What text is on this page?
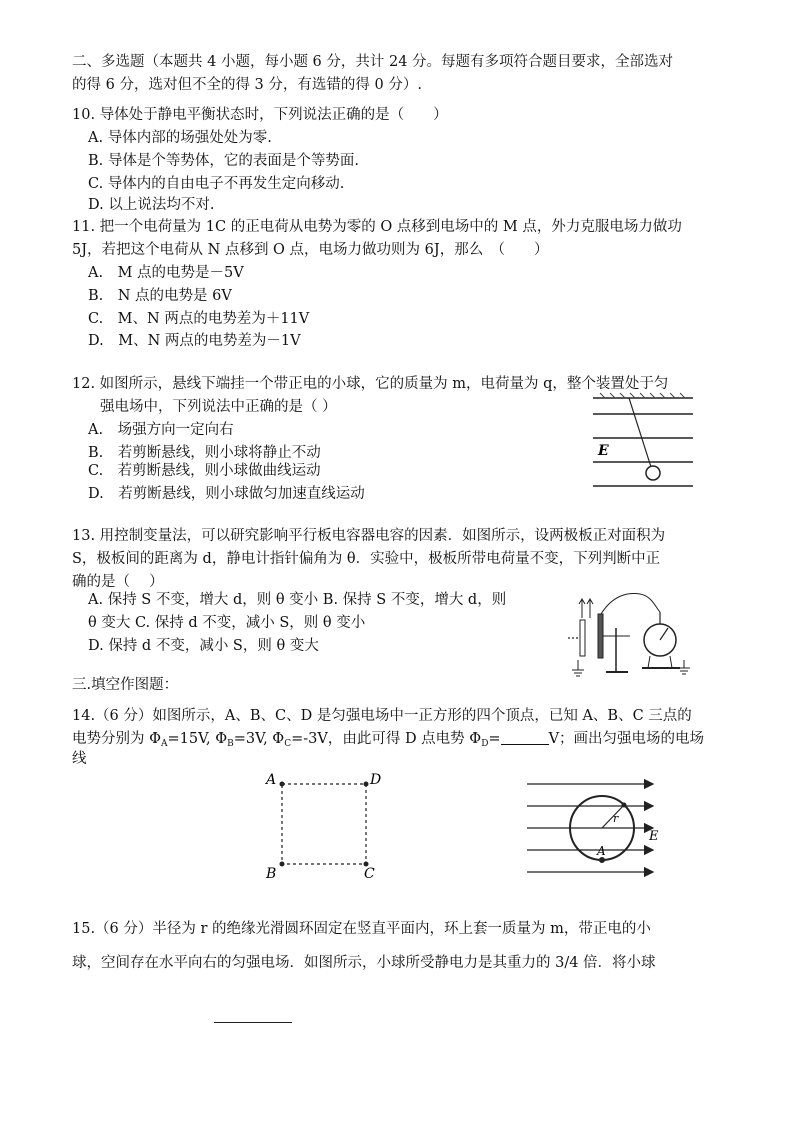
二、多选题（本题共 4 小题，每小题 6 分，共计 24 分。每题有多项符合题目要求，全部选对
的得 6 分，选对但不全的得 3 分，有选错的得 0 分）.
10. 导体处于静电平衡状态时，下列说法正确的是（　　）
A. 导体内部的场强处处为零.
B. 导体是个等势体，它的表面是个等势面.
C. 导体内的自由电子不再发生定向移动.
D. 以上说法均不对.
11. 把一个电荷量为 1C 的正电荷从电势为零的 O 点移到电场中的 M 点，外力克服电场力做功
5J，若把这个电荷从 N 点移到 O 点，电场力做功则为 6J，那么　（　　）
A.　M 点的电势是－5V
B.　N 点的电势是 6V
C.　M、N 两点的电势差为＋11V
D.　M、N 两点的电势差为－1V
12. 如图所示，悬线下端挂一个带正电的小球，它的质量为 m，电荷量为 q，整个装置处于匀
强电场中，下列说法中正确的是（ ）
A.　场强方向一定向右
B.　若剪断悬线，则小球将静止不动
C.　若剪断悬线，则小球做曲线运动
D.　若剪断悬线，则小球做匀加速直线运动
E
13. 用控制变量法，可以研究影响平行板电容器电容的因素．如图所示，设两极板正对面积为
S，极板间的距离为 d，静电计指针偏角为 θ．实验中，极板所带电荷量不变，下列判断中正
确的是（　 ）
A. 保持 S 不变，增大 d，则 θ 变小 B. 保持 S 不变，增大 d，则
θ 变大 C. 保持 d 不变，减小 S，则 θ 变小
D. 保持 d 不变，减小 S，则 θ 变大
三.填空作图题：
14.（6 分）如图所示，A、B、C、D 是匀强电场中一正方形的四个顶点，已知 A、B、C 三点的
电势分别为 $\Phi_A=15V$, $\Phi_B=3V$, $\Phi_C=-3V$，由此可得 D 点电势 $\Phi_D=$	V；画出匀强电场的电场
线
A	D
B	C
r
E
A
15.（6 分）半径为 r 的绝缘光滑圆环固定在竖直平面内，环上套一质量为 m，带正电的小
球，空间存在水平向右的匀强电场．如图所示，小球所受静电力是其重力的 3/4 倍．将小球
